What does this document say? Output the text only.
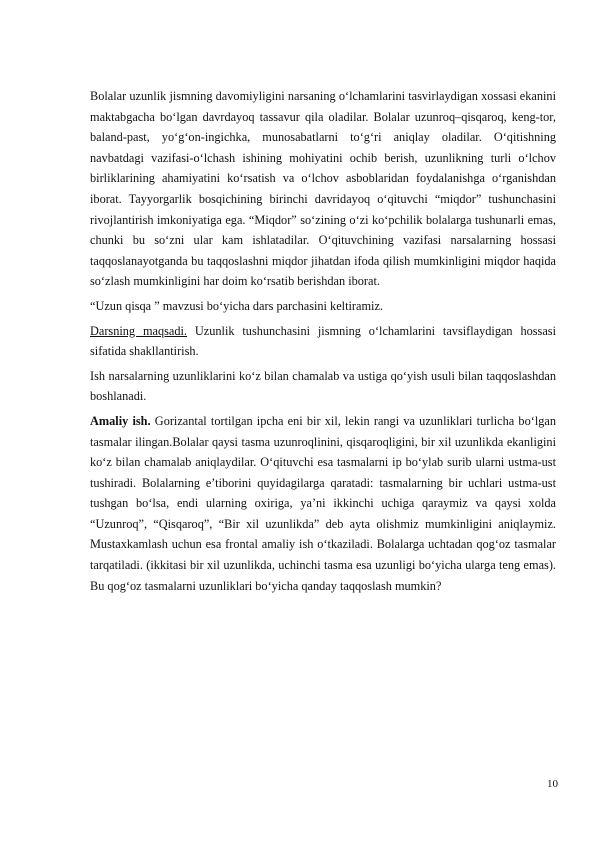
Bolalar uzunlik jismning davomiyligini narsaning o‘lchamlarini tasvirlaydigan xossasi ekanini maktabgacha bo‘lgan davrdayoq tassavur qila oladilar. Bolalar uzunroq–qisqaroq, keng-tor, baland-past, yo‘g‘on-ingichka, munosabatlarni to‘g‘ri aniqlay oladilar. O‘qitishning navbatdagi vazifasi-o‘lchash ishining mohiyatini ochib berish, uzunlikning turli o‘lchov birliklarining ahamiyatini ko‘rsatish va o‘lchov asboblaridan foydalanishga o‘rganishdan iborat. Tayyorgarlik bosqichining birinchi davridayoq o‘qituvchi “miqdor” tushunchasini rivojlantirish imkoniyatiga ega. “Miqdor” so‘zining o‘zi ko‘pchilik bolalarga tushunarli emas, chunki bu so‘zni ular kam ishlatadilar. O‘qituvchining vazifasi narsalarning hossasi taqqoslanayotganda bu taqqoslashni miqdor jihatdan ifoda qilish mumkinligini miqdor haqida so‘zlash mumkinligini har doim ko‘rsatib berishdan iborat.

“Uzun qisqa ” mavzusi bo‘yicha dars parchasini keltiramiz.

Darsning maqsadi. Uzunlik tushunchasini jismning o‘lchamlarini tavsiflaydigan hossasi sifatida shakllantirish.

Ish narsalarning uzunliklarini ko‘z bilan chamalab va ustiga qo‘yish usuli bilan taqqoslashdan boshlanadi.

Amaliy ish. Gorizantal tortilgan ipcha eni bir xil, lekin rangi va uzunliklari turlicha bo‘lgan tasmalar ilingan.Bolalar qaysi tasma uzunroqlinini, qisqaroqligini, bir xil uzunlikda ekanligini ko‘z bilan chamalab aniqlaydilar. O‘qituvchi esa tasmalarni ip bo‘ylab surib ularni ustma-ust tushiradi. Bolalarning e’tiborini quyidagilarga qaratadi: tasmalarning bir uchlari ustma-ust tushgan bo‘lsa, endi ularning oxiriga, ya’ni ikkinchi uchiga qaraymiz va qaysi xolda “Uzunroq”, “Qisqaroq”, “Bir xil uzunlikda” deb ayta olishmiz mumkinligini aniqlaymiz. Mustaxkamlash uchun esa frontal amaliy ish o‘tkaziladi. Bolalarga uchtadan qog‘oz tasmalar tarqatiladi. (ikkitasi bir xil uzunlikda, uchinchi tasma esa uzunligi bo‘yicha ularga teng emas). Bu qog‘oz tasmalarni uzunliklari bo‘yicha qanday taqqoslash mumkin?

10
